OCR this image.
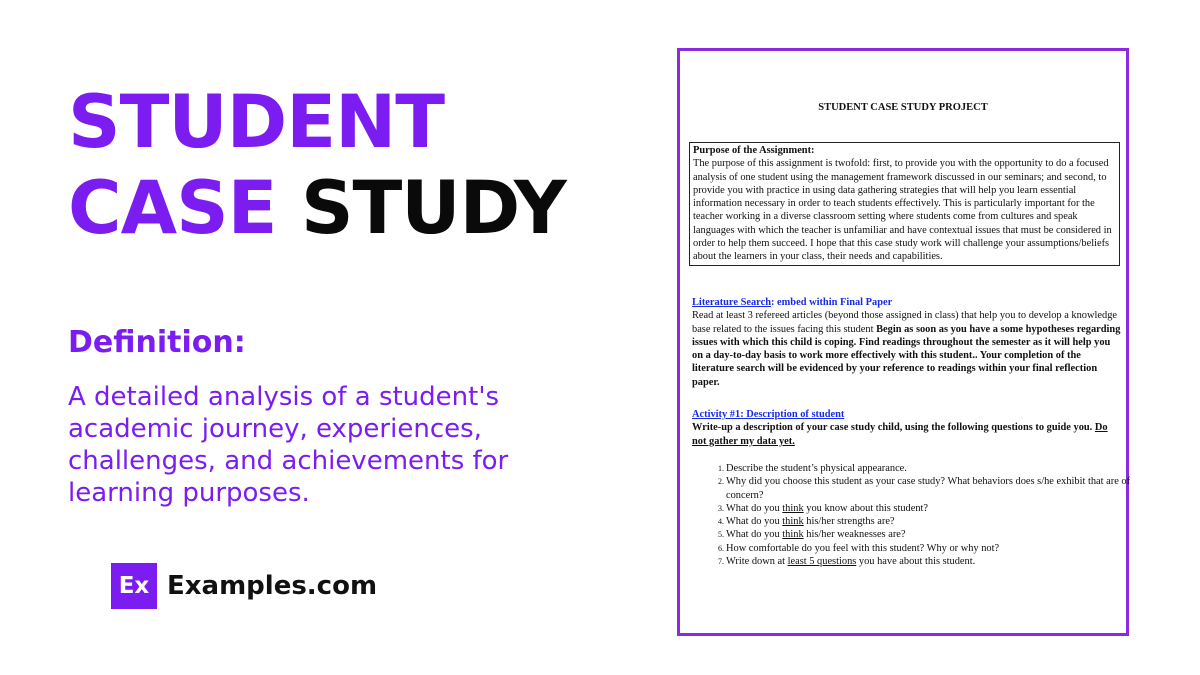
STUDENT
CASE STUDY
Definition:
A detailed analysis of a student's academic journey, experiences, challenges, and achievements for learning purposes.
Ex Examples.com
STUDENT CASE STUDY PROJECT
Purpose of the Assignment:
The purpose of this assignment is twofold: first, to provide you with the opportunity to do a focused analysis of one student using the management framework discussed in our seminars; and second, to provide you with practice in using data gathering strategies that will help you learn essential information necessary in order to teach students effectively. This is particularly important for the teacher working in a diverse classroom setting where students come from cultures and speak languages with which the teacher is unfamiliar and have contextual issues that must be considered in order to help them succeed. I hope that this case study work will challenge your assumptions/beliefs about the learners in your class, their needs and capabilities.
Literature Search: embed within Final Paper
Read at least 3 refereed articles (beyond those assigned in class) that help you to develop a knowledge base related to the issues facing this student Begin as soon as you have a some hypotheses regarding issues with which this child is coping. Find readings throughout the semester as it will help you on a day-to-day basis to work more effectively with this student.. Your completion of the literature search will be evidenced by your reference to readings within your final reflection paper.
Activity #1: Description of student
Write-up a description of your case study child, using the following questions to guide you. Do not gather my data yet.
1. Describe the student’s physical appearance.
2. Why did you choose this student as your case study? What behaviors does s/he exhibit that are of concern?
3. What do you think you know about this student?
4. What do you think his/her strengths are?
5. What do you think his/her weaknesses are?
6. How comfortable do you feel with this student? Why or why not?
7. Write down at least 5 questions you have about this student.
